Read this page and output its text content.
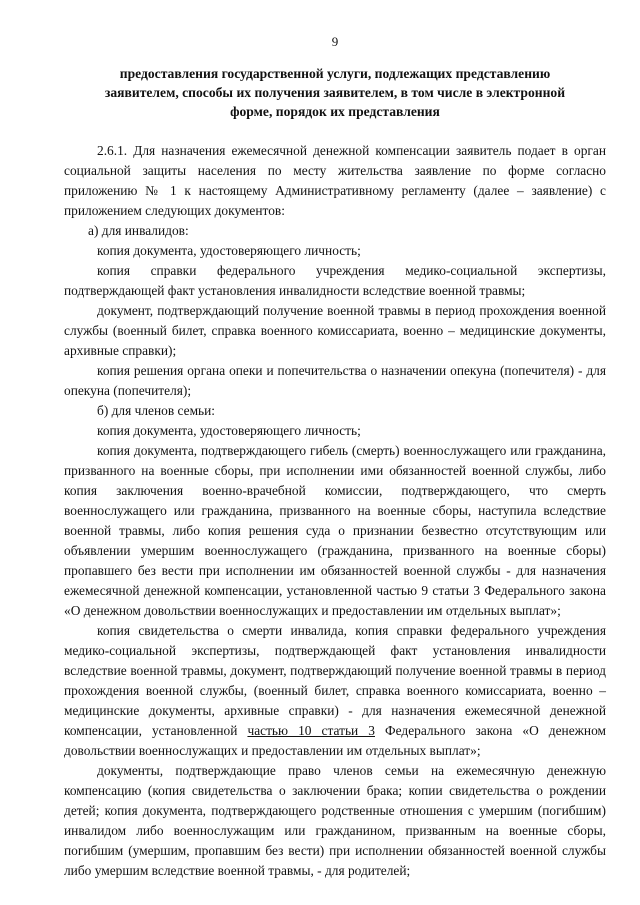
9
предоставления государственной услуги, подлежащих представлению
заявителем, способы их получения заявителем, в том числе в электронной
форме, порядок их представления

2.6.1. Для назначения ежемесячной денежной компенсации заявитель подает в орган социальной защиты населения по месту жительства заявление по форме согласно приложению № 1 к настоящему Административному регламенту (далее – заявление) с приложением следующих документов:

а) для инвалидов:

копия документа, удостоверяющего личность;

копия справки федерального учреждения медико-социальной экспертизы, подтверждающей факт установления инвалидности вследствие военной травмы;

документ, подтверждающий получение военной травмы в период прохождения военной службы (военный билет, справка военного комиссариата, военно – медицинские документы, архивные справки);

копия решения органа опеки и попечительства о назначении опекуна (попечителя) - для опекуна (попечителя);

б) для членов семьи:

копия документа, удостоверяющего личность;

копия документа, подтверждающего гибель (смерть) военнослужащего или гражданина, призванного на военные сборы, при исполнении ими обязанностей военной службы, либо копия заключения военно-врачебной комиссии, подтверждающего, что смерть военнослужащего или гражданина, призванного на военные сборы, наступила вследствие военной травмы, либо копия решения суда о признании безвестно отсутствующим или объявлении умершим военнослужащего (гражданина, призванного на военные сборы) пропавшего без вести при исполнении им обязанностей военной службы - для назначения ежемесячной денежной компенсации, установленной частью 9 статьи 3 Федерального закона «О денежном довольствии военнослужащих и предоставлении им отдельных выплат»;

копия свидетельства о смерти инвалида, копия справки федерального учреждения медико-социальной экспертизы, подтверждающей факт установления инвалидности вследствие военной травмы, документ, подтверждающий получение военной травмы в период прохождения военной службы, (военный билет, справка военного комиссариата, военно – медицинские документы, архивные справки) - для назначения ежемесячной денежной компенсации, установленной частью 10 статьи 3 Федерального закона «О денежном довольствии военнослужащих и предоставлении им отдельных выплат»;

документы, подтверждающие право членов семьи на ежемесячную денежную компенсацию (копия свидетельства о заключении брака; копии свидетельства о рождении детей; копия документа, подтверждающего родственные отношения с умершим (погибшим) инвалидом либо военнослужащим или гражданином, призванным на военные сборы, погибшим (умершим, пропавшим без вести) при исполнении обязанностей военной службы либо умершим вследствие военной травмы, - для родителей;
